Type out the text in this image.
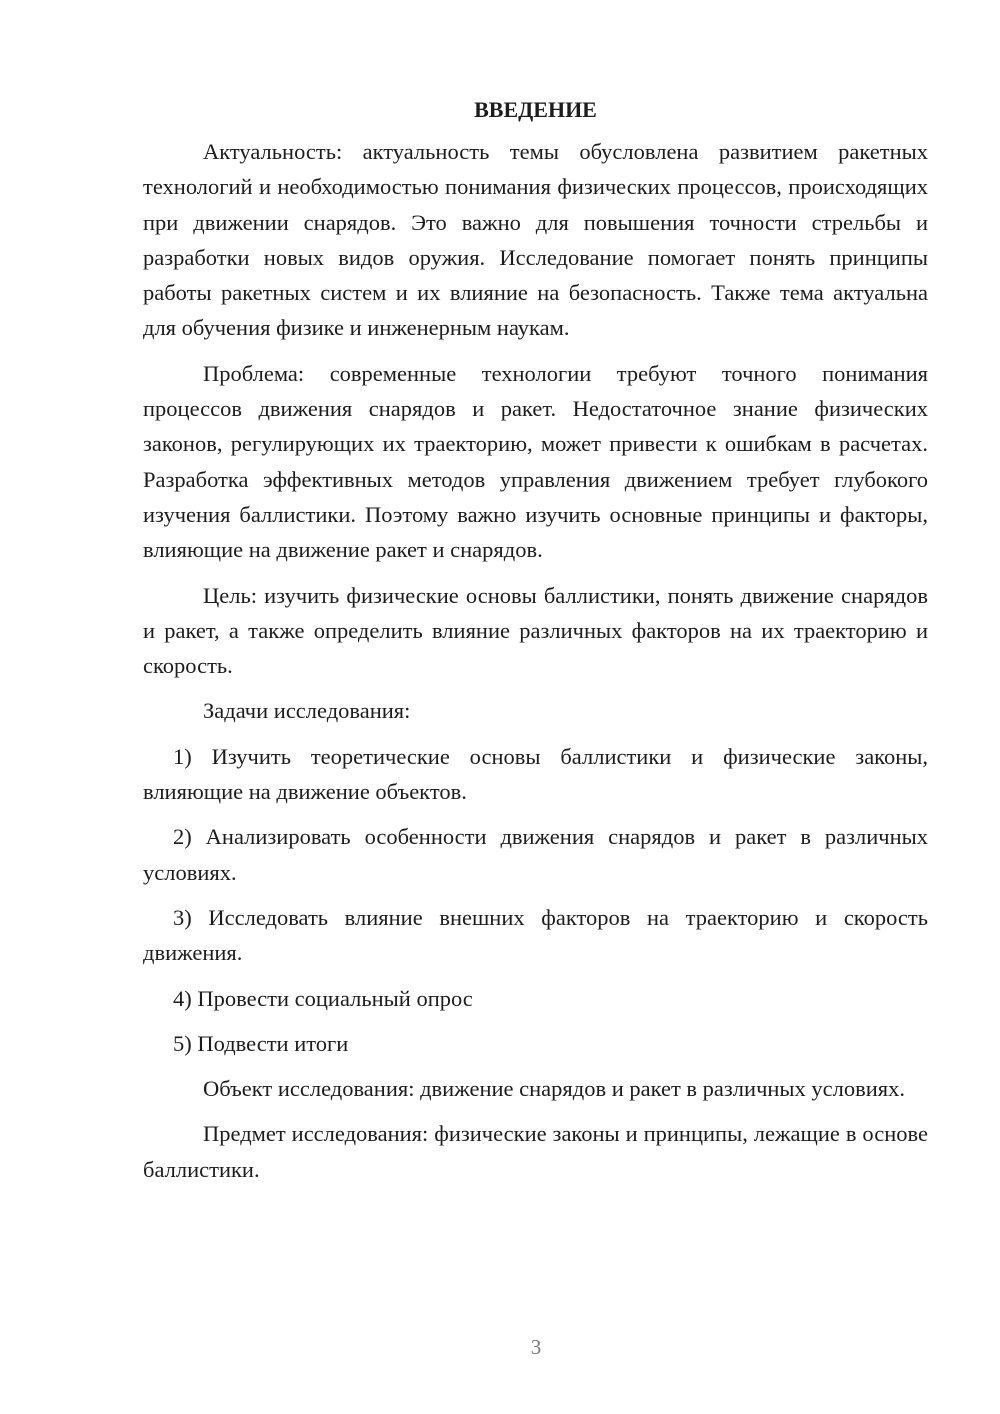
ВВЕДЕНИЕ

Актуальность: актуальность темы обусловлена развитием ракетных технологий и необходимостью понимания физических процессов, происходящих при движении снарядов. Это важно для повышения точности стрельбы и разработки новых видов оружия. Исследование помогает понять принципы работы ракетных систем и их влияние на безопасность. Также тема актуальна для обучения физике и инженерным наукам.

Проблема: современные технологии требуют точного понимания процессов движения снарядов и ракет. Недостаточное знание физических законов, регулирующих их траекторию, может привести к ошибкам в расчетах. Разработка эффективных методов управления движением требует глубокого изучения баллистики. Поэтому важно изучить основные принципы и факторы, влияющие на движение ракет и снарядов.

Цель: изучить физические основы баллистики, понять движение снарядов и ракет, а также определить влияние различных факторов на их траекторию и скорость.

Задачи исследования:

1) Изучить теоретические основы баллистики и физические законы, влияющие на движение объектов.

2) Анализировать особенности движения снарядов и ракет в различных условиях.

3) Исследовать влияние внешних факторов на траекторию и скорость движения.

4) Провести социальный опрос

5) Подвести итоги

Объект исследования: движение снарядов и ракет в различных условиях.

Предмет исследования: физические законы и принципы, лежащие в основе баллистики.

3
